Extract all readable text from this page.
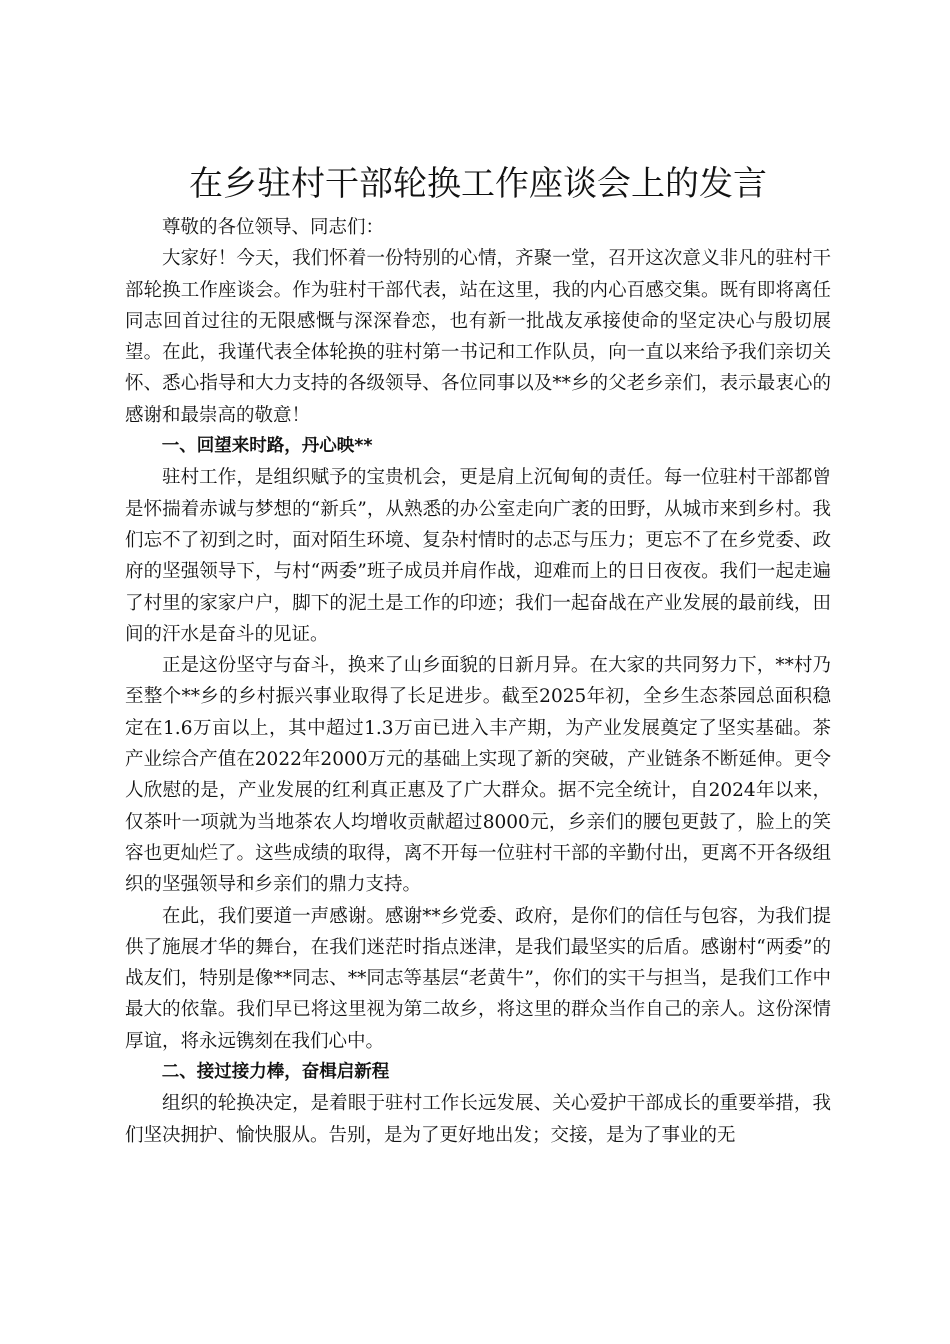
在乡驻村干部轮换工作座谈会上的发言

尊敬的各位领导、同志们：

大家好！今天，我们怀着一份特别的心情，齐聚一堂，召开这次意义非凡的驻村干部轮换工作座谈会。作为驻村干部代表，站在这里，我的内心百感交集。既有即将离任同志回首过往的无限感慨与深深眷恋，也有新一批战友承接使命的坚定决心与殷切展望。在此，我谨代表全体轮换的驻村第一书记和工作队员，向一直以来给予我们亲切关怀、悉心指导和大力支持的各级领导、各位同事以及**乡的父老乡亲们，表示最衷心的感谢和最崇高的敬意！

一、回望来时路，丹心映**

驻村工作，是组织赋予的宝贵机会，更是肩上沉甸甸的责任。每一位驻村干部都曾是怀揣着赤诚与梦想的“新兵”，从熟悉的办公室走向广袤的田野，从城市来到乡村。我们忘不了初到之时，面对陌生环境、复杂村情时的忐忑与压力；更忘不了在乡党委、政府的坚强领导下，与村“两委”班子成员并肩作战，迎难而上的日日夜夜。我们一起走遍了村里的家家户户，脚下的泥土是工作的印迹；我们一起奋战在产业发展的最前线，田间的汗水是奋斗的见证。

正是这份坚守与奋斗，换来了山乡面貌的日新月异。在大家的共同努力下，**村乃至整个**乡的乡村振兴事业取得了长足进步。截至2025年初，全乡生态茶园总面积稳定在1.6万亩以上，其中超过1.3万亩已进入丰产期，为产业发展奠定了坚实基础。茶产业综合产值在2022年2000万元的基础上实现了新的突破，产业链条不断延伸。更令人欣慰的是，产业发展的红利真正惠及了广大群众。据不完全统计，自2024年以来，仅茶叶一项就为当地茶农人均增收贡献超过8000元，乡亲们的腰包更鼓了，脸上的笑容也更灿烂了。这些成绩的取得，离不开每一位驻村干部的辛勤付出，更离不开各级组织的坚强领导和乡亲们的鼎力支持。

在此，我们要道一声感谢。感谢**乡党委、政府，是你们的信任与包容，为我们提供了施展才华的舞台，在我们迷茫时指点迷津，是我们最坚实的后盾。感谢村“两委”的战友们，特别是像**同志、**同志等基层“老黄牛”，你们的实干与担当，是我们工作中最大的依靠。我们早已将这里视为第二故乡，将这里的群众当作自己的亲人。这份深情厚谊，将永远镌刻在我们心中。

二、接过接力棒，奋楫启新程

组织的轮换决定，是着眼于驻村工作长远发展、关心爱护干部成长的重要举措，我们坚决拥护、愉快服从。告别，是为了更好地出发；交接，是为了事业的无
